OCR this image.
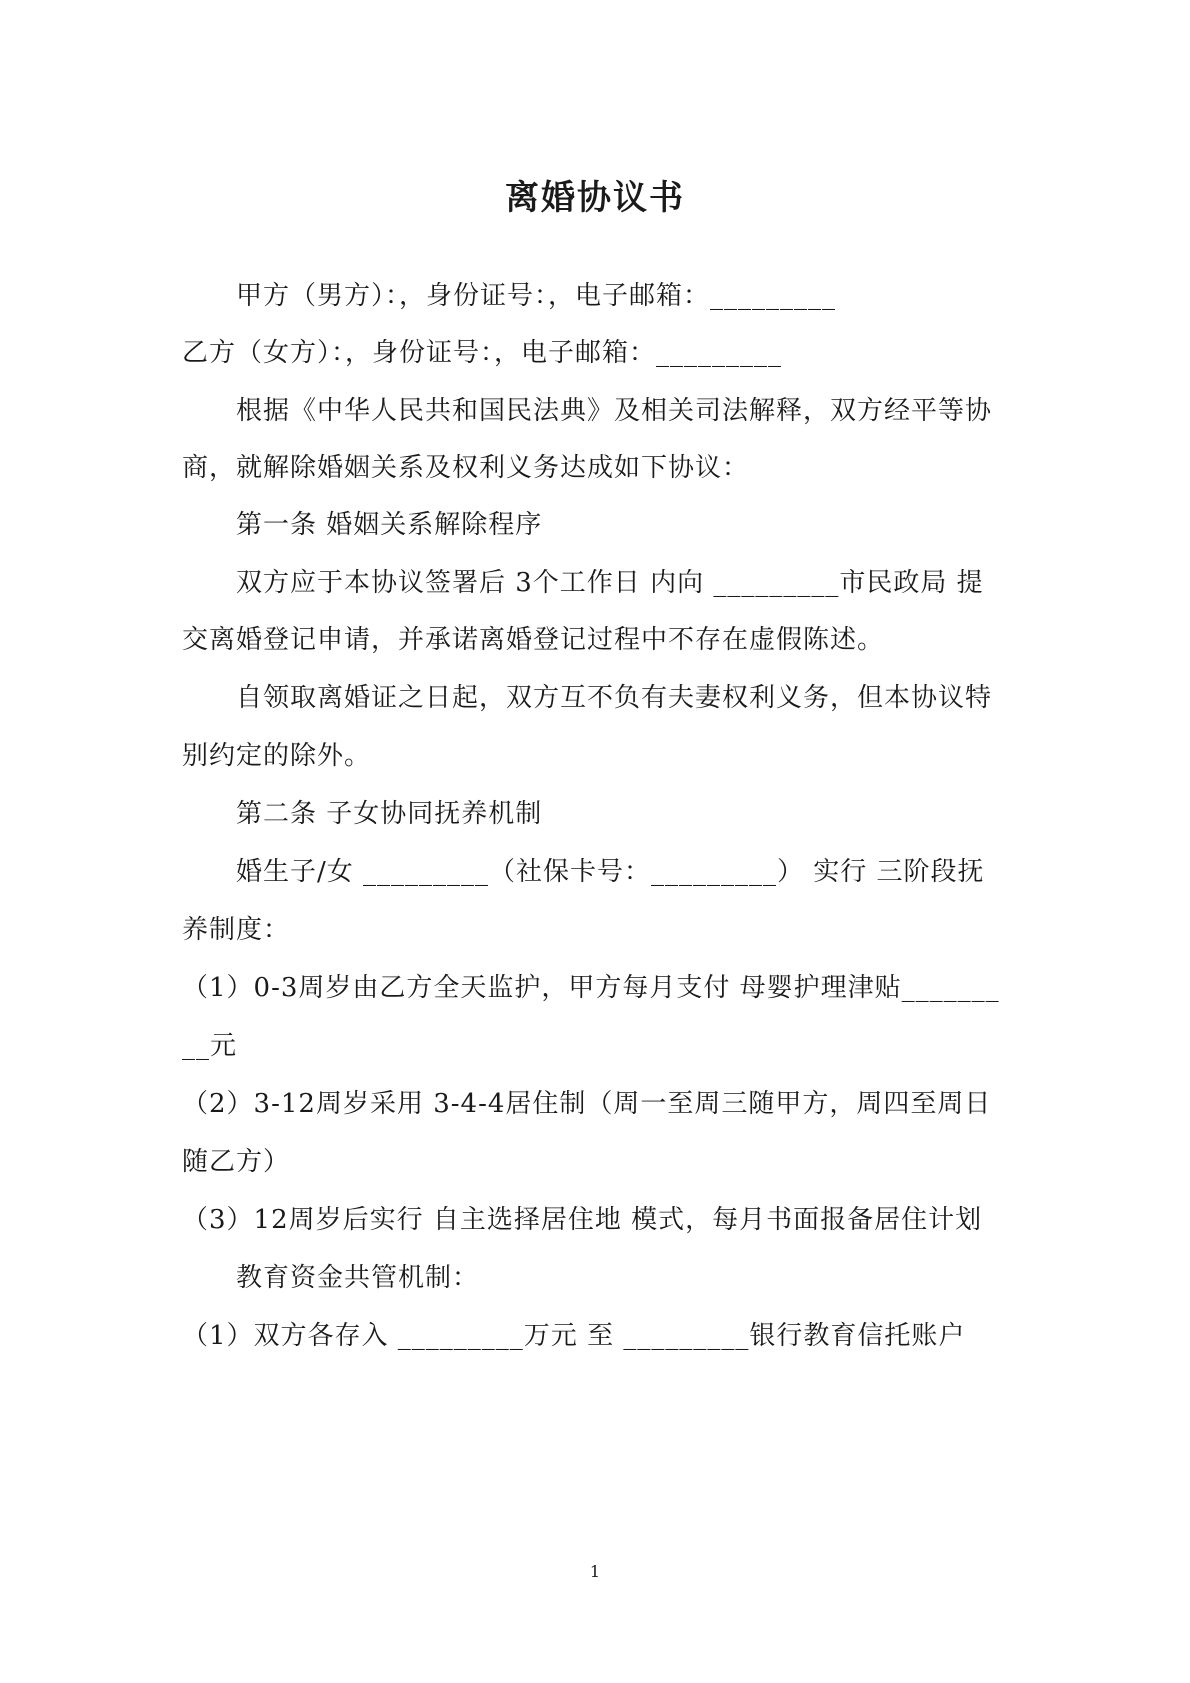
离婚协议书
甲方（男方）：，身份证号：，电子邮箱：_________
乙方（女方）：，身份证号：，电子邮箱：_________
根据《中华人民共和国民法典》及相关司法解释，双方经平等协
商，就解除婚姻关系及权利义务达成如下协议：
第一条 婚姻关系解除程序
双方应于本协议签署后 3个工作日 内向 _________市民政局 提
交离婚登记申请，并承诺离婚登记过程中不存在虚假陈述。
自领取离婚证之日起，双方互不负有夫妻权利义务，但本协议特
别约定的除外。
第二条 子女协同抚养机制
婚生子/女 _________（社保卡号：_________） 实行 三阶段抚
养制度：
（1）0-3周岁由乙方全天监护，甲方每月支付 母婴护理津贴_______
__元
（2）3-12周岁采用 3-4-4居住制（周一至周三随甲方，周四至周日
随乙方）
（3）12周岁后实行 自主选择居住地 模式，每月书面报备居住计划
教育资金共管机制：
（1）双方各存入 _________万元 至 _________银行教育信托账户
1
